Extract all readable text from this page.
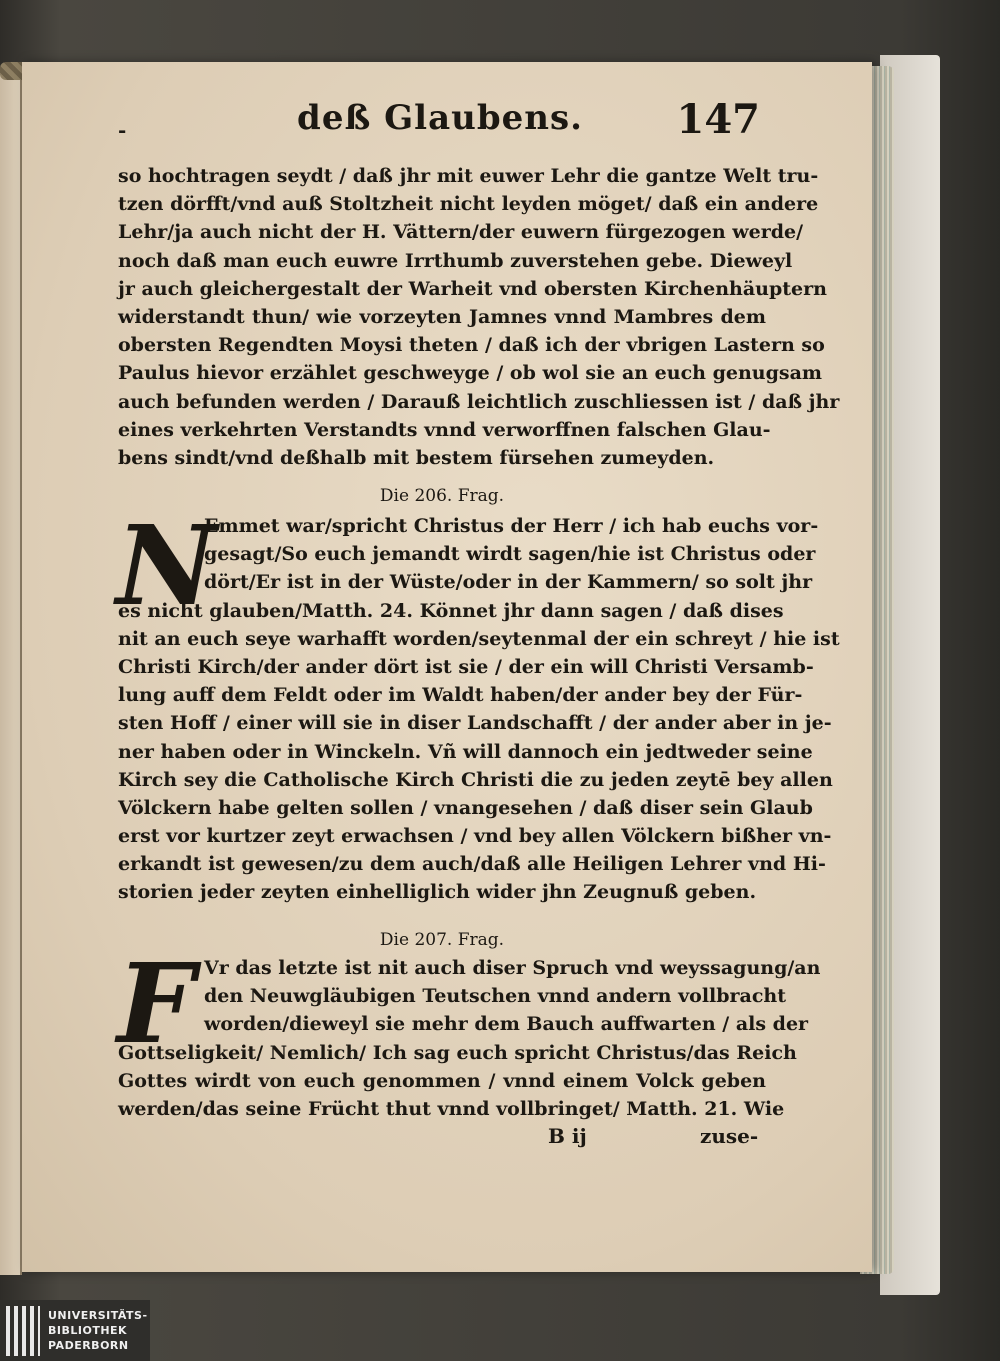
-	deß Glaubens.	147
so hochtragen seydt / daß jhr mit euwer Lehr die gantze Welt tru-
tzen dörfft/vnd auß Stoltzheit nicht leyden möget/ daß ein andere
Lehr/ja auch nicht der H. Vättern/der euwern fürgezogen werde/
noch daß man euch euwre Irrthumb zuverstehen gebe. Dieweyl
jr auch gleichergestalt der Warheit vnd obersten Kirchenhäuptern
widerstandt thun/ wie vorzeyten Jamnes vnnd Mambres dem
obersten Regendten Moysi theten / daß ich der vbrigen Lastern so
Paulus hievor erzählet geschweyge / ob wol sie an euch genugsam
auch befunden werden / Darauß leichtlich zuschliessen ist / daß jhr
eines verkehrten Verstandts vnnd verworffnen falschen Glau-
bens sindt/vnd deßhalb mit bestem fürsehen zumeyden.
Die 206. Frag.
N
Emmet war/spricht Christus der Herr / ich hab euchs vor-
gesagt/So euch jemandt wirdt sagen/hie ist Christus oder
dört/Er ist in der Wüste/oder in der Kammern/ so solt jhr
es nicht glauben/Matth. 24. Könnet jhr dann sagen / daß dises
nit an euch seye warhafft worden/seytenmal der ein schreyt / hie ist
Christi Kirch/der ander dört ist sie / der ein will Christi Versamb-
lung auff dem Feldt oder im Waldt haben/der ander bey der Für-
sten Hoff / einer will sie in diser Landschafft / der ander aber in je-
ner haben oder in Winckeln. Vñ will dannoch ein jedtweder seine
Kirch sey die Catholische Kirch Christi die zu jeden zeytē bey allen
Völckern habe gelten sollen / vnangesehen / daß diser sein Glaub
erst vor kurtzer zeyt erwachsen / vnd bey allen Völckern bißher vn-
erkandt ist gewesen/zu dem auch/daß alle Heiligen Lehrer vnd Hi-
storien jeder zeyten einhelliglich wider jhn Zeugnuß geben.
Die 207. Frag.
F Vr das letzte ist nit auch diser Spruch vnd weyssagung/an
den Neuwgläubigen Teutschen vnnd andern vollbracht
worden/dieweyl sie mehr dem Bauch auffwarten / als der
Gottseligkeit/ Nemlich/ Ich sag euch spricht Christus/das Reich
Gottes wirdt von euch genommen / vnnd einem Volck geben
werden/das seine Frücht thut vnnd vollbringet/ Matth. 21. Wie
B ij	zuse-
UNIVERSITÄTS-
BIBLIOTHEK
PADERBORN
